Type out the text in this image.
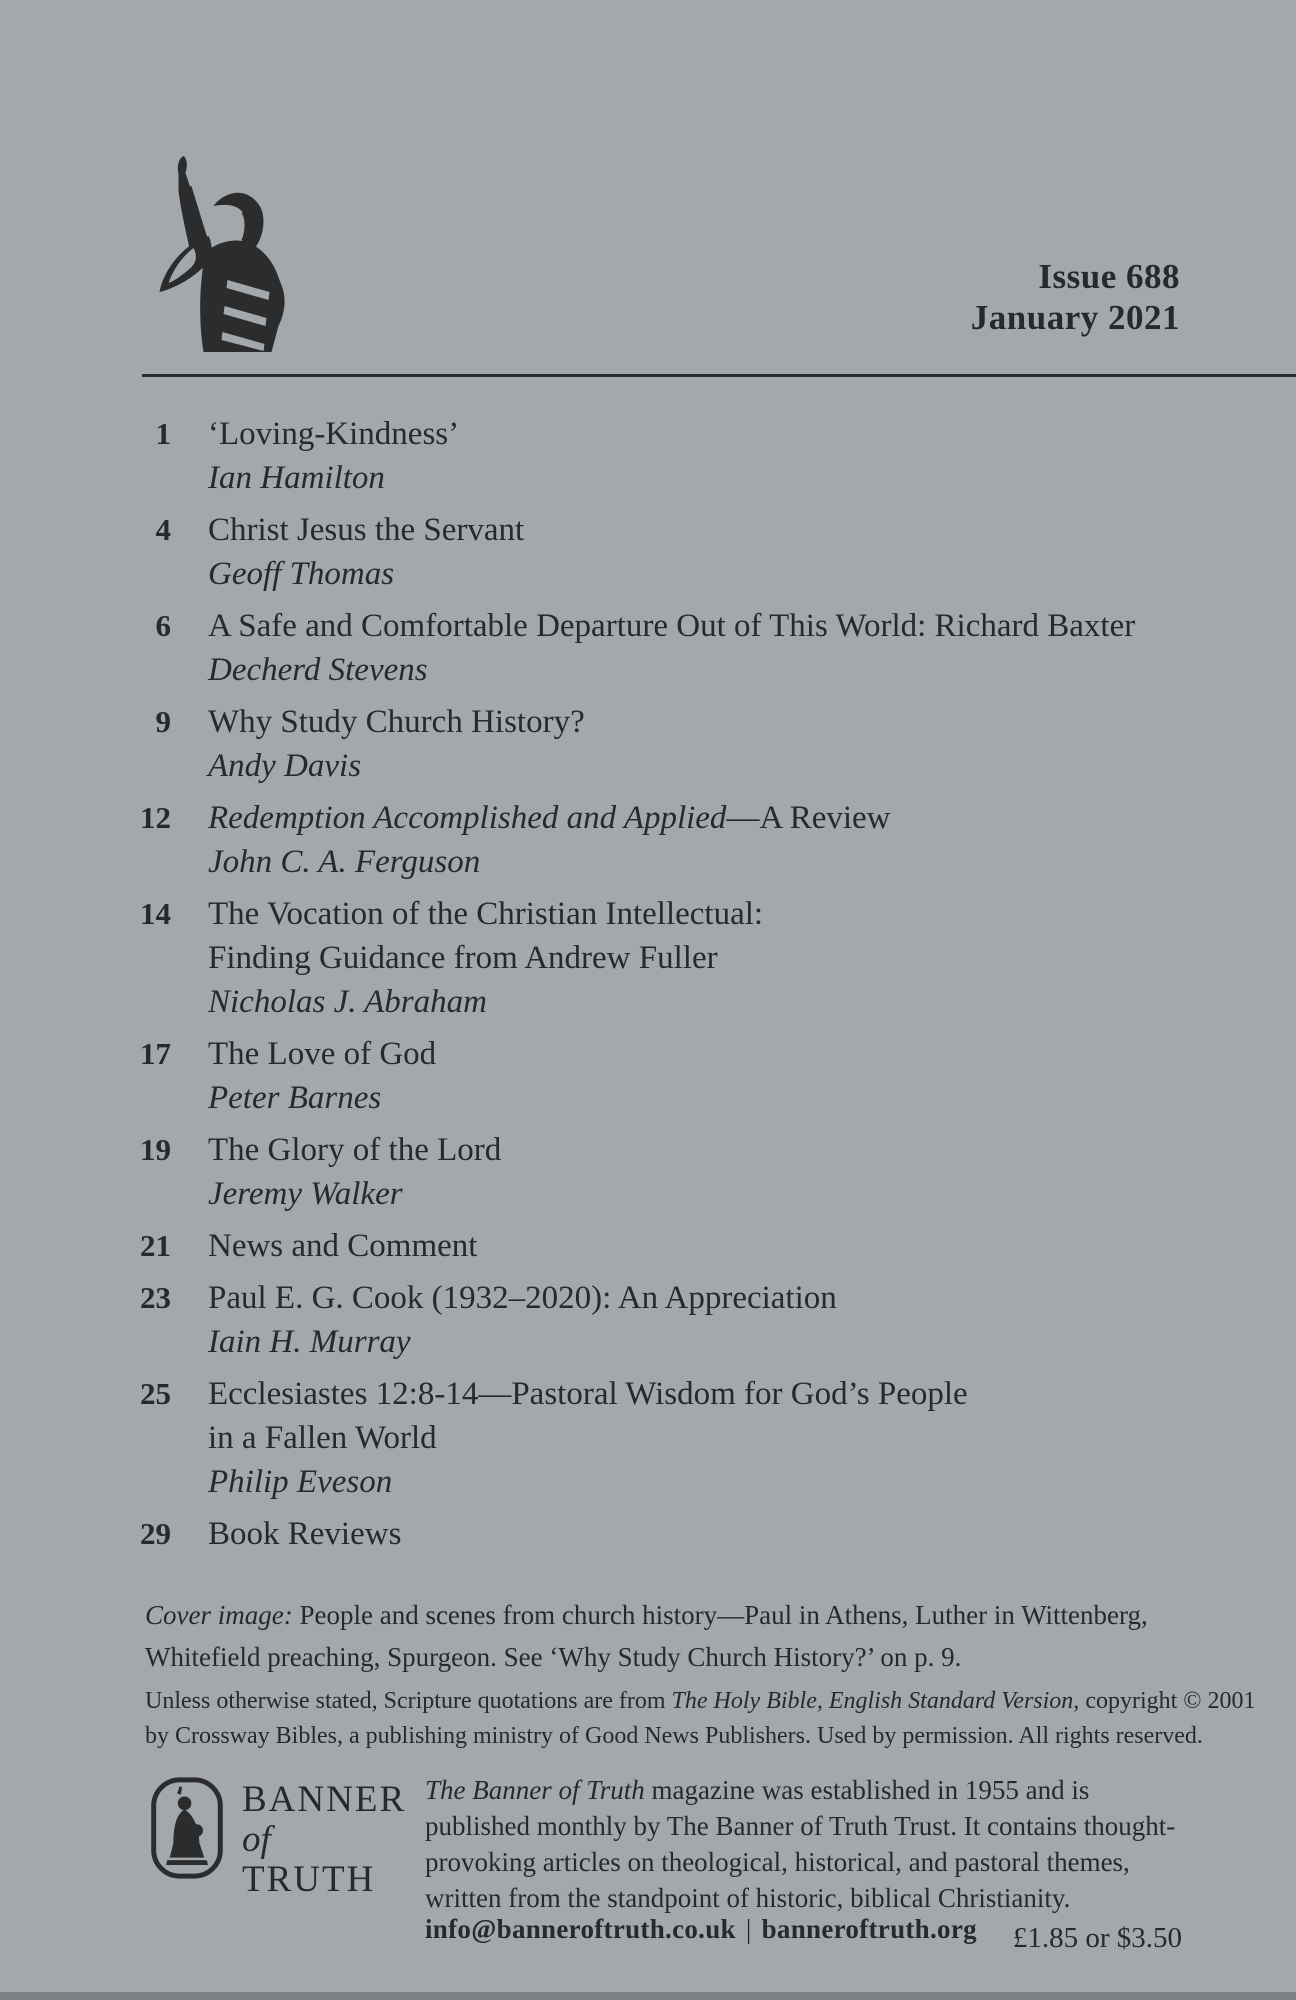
Issue 688
January 2021
1 ‘Loving-Kindness’
Ian Hamilton
4 Christ Jesus the Servant
Geoff Thomas
6 A Safe and Comfortable Departure Out of This World: Richard Baxter
Decherd Stevens
9 Why Study Church History?
Andy Davis
12 Redemption Accomplished and Applied—A Review
John C. A. Ferguson
14 The Vocation of the Christian Intellectual:
Finding Guidance from Andrew Fuller
Nicholas J. Abraham
17 The Love of God
Peter Barnes
19 The Glory of the Lord
Jeremy Walker
21 News and Comment
23 Paul E. G. Cook (1932–2020): An Appreciation
Iain H. Murray
25 Ecclesiastes 12:8-14—Pastoral Wisdom for God’s People
in a Fallen World
Philip Eveson
29 Book Reviews
Cover image: People and scenes from church history—Paul in Athens, Luther in Wittenberg,
Whitefield preaching, Spurgeon. See ‘Why Study Church History?’ on p. 9.
Unless otherwise stated, Scripture quotations are from The Holy Bible, English Standard Version, copyright © 2001
by Crossway Bibles, a publishing ministry of Good News Publishers. Used by permission. All rights reserved.
BANNER
of TRUTH
The Banner of Truth magazine was established in 1955 and is
published monthly by The Banner of Truth Trust. It contains thought-
provoking articles on theological, historical, and pastoral themes,
written from the standpoint of historic, biblical Christianity.
info@banneroftruth.co.uk | banneroftruth.org £1.85 or $3.50
